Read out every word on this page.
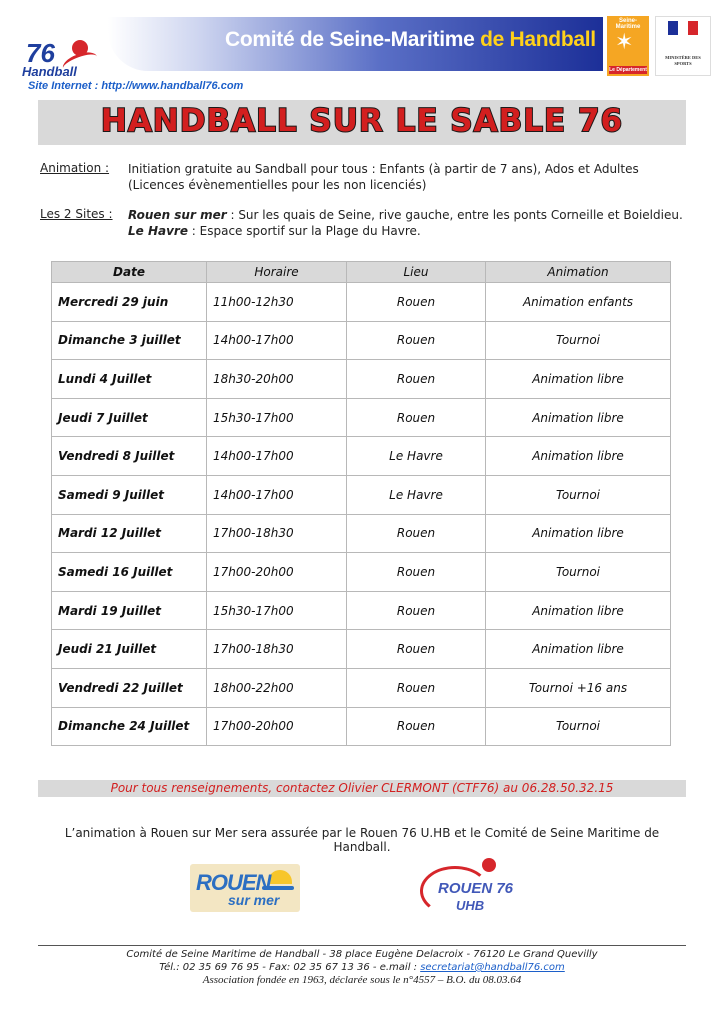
76
Handball
Comité de Seine-Maritime de Handball
Seine-Maritime
✶
Le Département
MINISTÈRE DES SPORTS
Site Internet : http://www.handball76.com
HANDBALL SUR LE SABLE 76
Animation : Initiation gratuite au Sandball pour tous : Enfants (à partir de 7 ans), Ados et Adultes
(Licences évènementielles pour les non licenciés)
Les 2 Sites : Rouen sur mer : Sur les quais de Seine, rive gauche, entre les ponts Corneille et Boieldieu.
Le Havre : Espace sportif sur la Plage du Havre.
Date	Horaire	Lieu	Animation
Mercredi 29 juin	11h00-12h30	Rouen	Animation enfants
Dimanche 3 juillet	14h00-17h00	Rouen	Tournoi
Lundi 4 Juillet	18h30-20h00	Rouen	Animation libre
Jeudi 7 Juillet	15h30-17h00	Rouen	Animation libre
Vendredi 8 Juillet	14h00-17h00	Le Havre	Animation libre
Samedi 9 Juillet	14h00-17h00	Le Havre	Tournoi
Mardi 12 Juillet	17h00-18h30	Rouen	Animation libre
Samedi 16 Juillet	17h00-20h00	Rouen	Tournoi
Mardi 19 Juillet	15h30-17h00	Rouen	Animation libre
Jeudi 21 Juillet	17h00-18h30	Rouen	Animation libre
Vendredi 22 Juillet	18h00-22h00	Rouen	Tournoi +16 ans
Dimanche 24 Juillet	17h00-20h00	Rouen	Tournoi
Pour tous renseignements, contactez Olivier CLERMONT (CTF76) au 06.28.50.32.15
L’animation à Rouen sur Mer sera assurée par le Rouen 76 U.HB et le Comité de Seine Maritime de Handball.
ROUEN
sur mer
ROUEN 76
UHB
Comité de Seine Maritime de Handball - 38 place Eugène Delacroix - 76120 Le Grand Quevilly
Tél.: 02 35 69 76 95 - Fax: 02 35 67 13 36 - e.mail : secretariat@handball76.com
Association fondée en 1963, déclarée sous le n°4557 – B.O. du 08.03.64
